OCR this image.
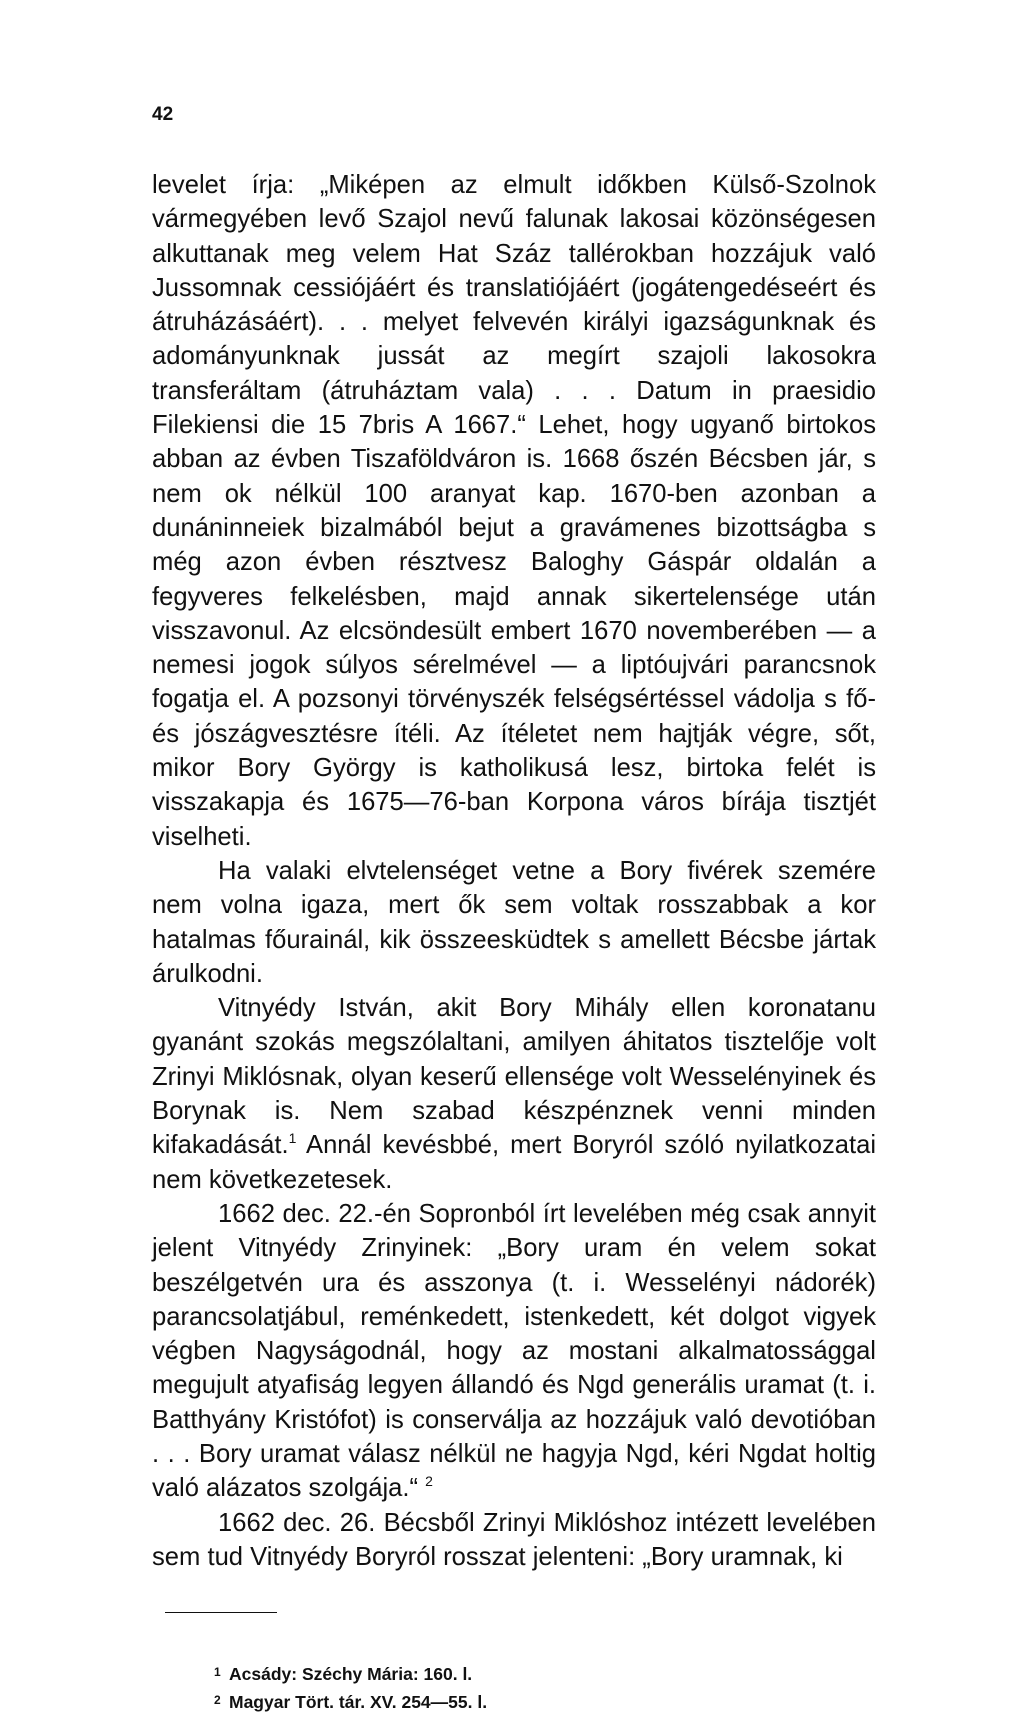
42

levelet írja: „Miképen az elmult időkben Külső-Szolnok vármegyében levő Szajol nevű falunak lakosai közönségesen alkuttanak meg velem Hat Száz tallérokban hozzájuk való Jussomnak cessiójáért és translatiójáért (jogátengedéseért és átruházásáért). . . melyet felvevén királyi igazságunknak és adományunknak jussát az megírt szajoli lakosokra transferáltam (átruháztam vala) . . . Datum in praesidio Filekiensi die 15 7bris A 1667.“ Lehet, hogy ugyanő birtokos abban az évben Tiszaföldváron is. 1668 őszén Bécsben jár, s nem ok nélkül 100 aranyat kap. 1670-ben azonban a dunáninneiek bizalmából bejut a gravámenes bizottságba s még azon évben résztvesz Baloghy Gáspár oldalán a fegyveres felkelésben, majd annak sikertelensége után visszavonul. Az elcsöndesült embert 1670 novemberében — a nemesi jogok súlyos sérelmével — a liptóujvári parancsnok fogatja el. A pozsonyi törvényszék felségsértéssel vádolja s fő- és jószágvesztésre ítéli. Az ítéletet nem hajtják végre, sőt, mikor Bory György is katholikusá lesz, birtoka felét is visszakapja és 1675—76-ban Korpona város bírája tisztjét viselheti.

Ha valaki elvtelenséget vetne a Bory fivérek szemére nem volna igaza, mert ők sem voltak rosszabbak a kor hatalmas főurainál, kik összeesküdtek s amellett Bécsbe jártak árulkodni.

Vitnyédy István, akit Bory Mihály ellen koronatanu gyanánt szokás megszólaltani, amilyen áhitatos tisztelője volt Zrinyi Miklósnak, olyan keserű ellensége volt Wesselényinek és Borynak is. Nem szabad készpénznek venni minden kifakadását.$^1$ Annál kevésbbé, mert Boryról szóló nyilatkozatai nem következetesek.

1662 dec. 22.-én Sopronból írt levelében még csak annyit jelent Vitnyédy Zrinyinek: „Bory uram én velem sokat beszélgetvén ura és asszonya (t. i. Wesselényi nádorék) parancsolatjábul, reménkedett, istenkedett, két dolgot vigyek végben Nagyságodnál, hogy az mostani alkalmatossággal megujult atyafiság legyen állandó és Ngd generális uramat (t. i. Batthyány Kristófot) is conserválja az hozzájuk való devotióban . . . Bory uramat válasz nélkül ne hagyja Ngd, kéri Ngdat holtig való alázatos szolgája.“ $^2$

1662 dec. 26. Bécsből Zrinyi Miklóshoz intézett levelében sem tud Vitnyédy Boryról rosszat jelenteni: „Bory uramnak, ki

1 Acsády: Széchy Mária: 160. l.

2 Magyar Tört. tár. XV. 254—55. l.
